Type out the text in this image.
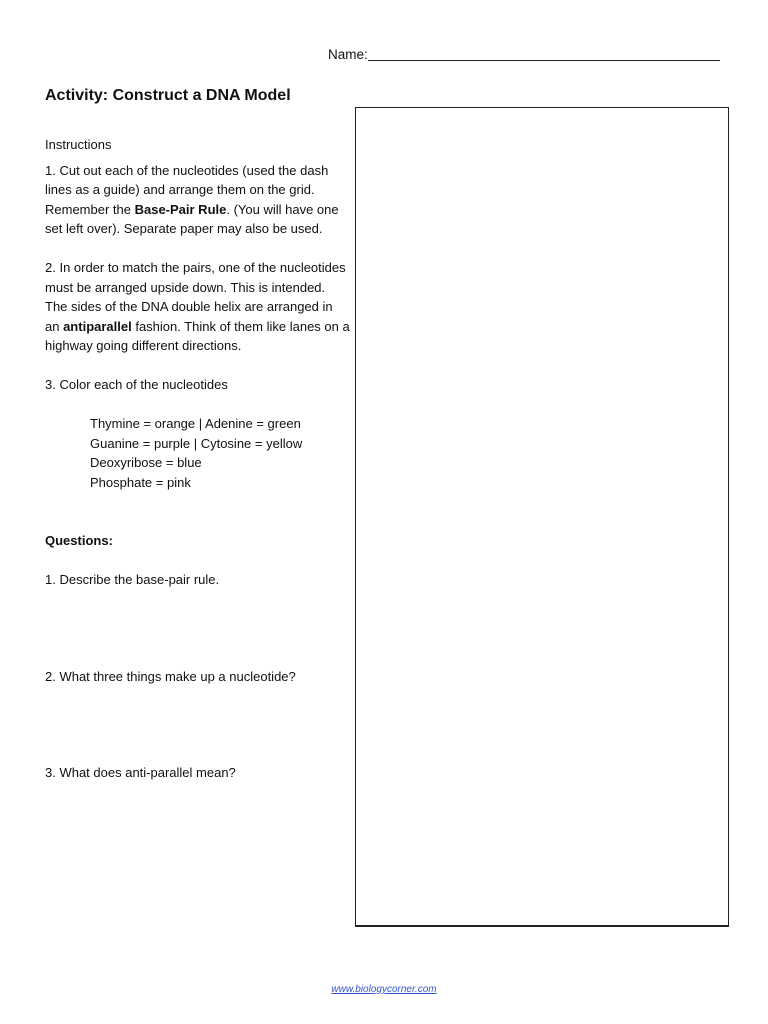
Name:
Activity: Construct a DNA Model

Instructions

1. Cut out each of the nucleotides (used the dash lines as a guide) and arrange them on the grid. Remember the Base-Pair Rule. (You will have one set left over). Separate paper may also be used.

2. In order to match the pairs, one of the nucleotides must be arranged upside down. This is intended. The sides of the DNA double helix are arranged in an antiparallel fashion. Think of them like lanes on a highway going different directions.

3. Color each of the nucleotides

Thymine = orange | Adenine = green

Guanine = purple | Cytosine = yellow

Deoxyribose = blue

Phosphate = pink

Questions:

1. Describe the base-pair rule.

2. What three things make up a nucleotide?

3. What does anti-parallel mean?

www.biologycorner.com
